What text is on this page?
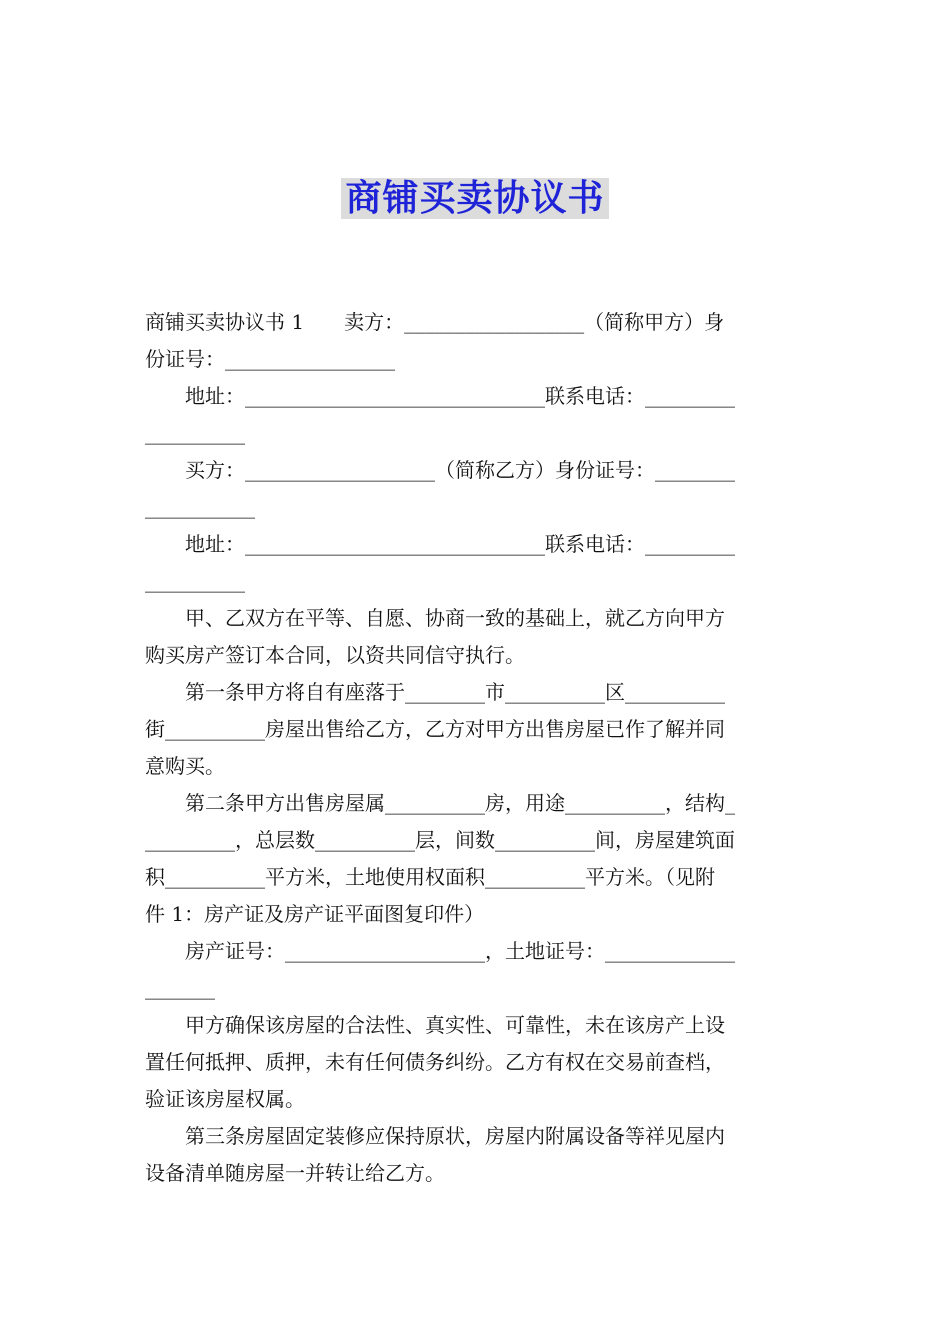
商铺买卖协议书
商铺买卖协议书 1　　卖方：__________________（简称甲方）身
份证号：_________________
　　地址：______________________________联系电话：_________
__________
　　买方：___________________（简称乙方）身份证号：________
___________
　　地址：______________________________联系电话：_________
__________
　　甲、乙双方在平等、自愿、协商一致的基础上，就乙方向甲方
购买房产签订本合同，以资共同信守执行。
　　第一条甲方将自有座落于________市__________区__________
街__________房屋出售给乙方，乙方对甲方出售房屋已作了解并同
意购买。
　　第二条甲方出售房屋属__________房，用途__________，结构_
_________，总层数__________层，间数__________间，房屋建筑面
积__________平方米，土地使用权面积__________平方米。（见附
件 1：房产证及房产证平面图复印件）
　　房产证号：____________________，土地证号：_____________
_______
　　甲方确保该房屋的合法性、真实性、可靠性，未在该房产上设
置任何抵押、质押，未有任何债务纠纷。乙方有权在交易前查档，
验证该房屋权属。
　　第三条房屋固定装修应保持原状，房屋内附属设备等祥见屋内
设备清单随房屋一并转让给乙方。
